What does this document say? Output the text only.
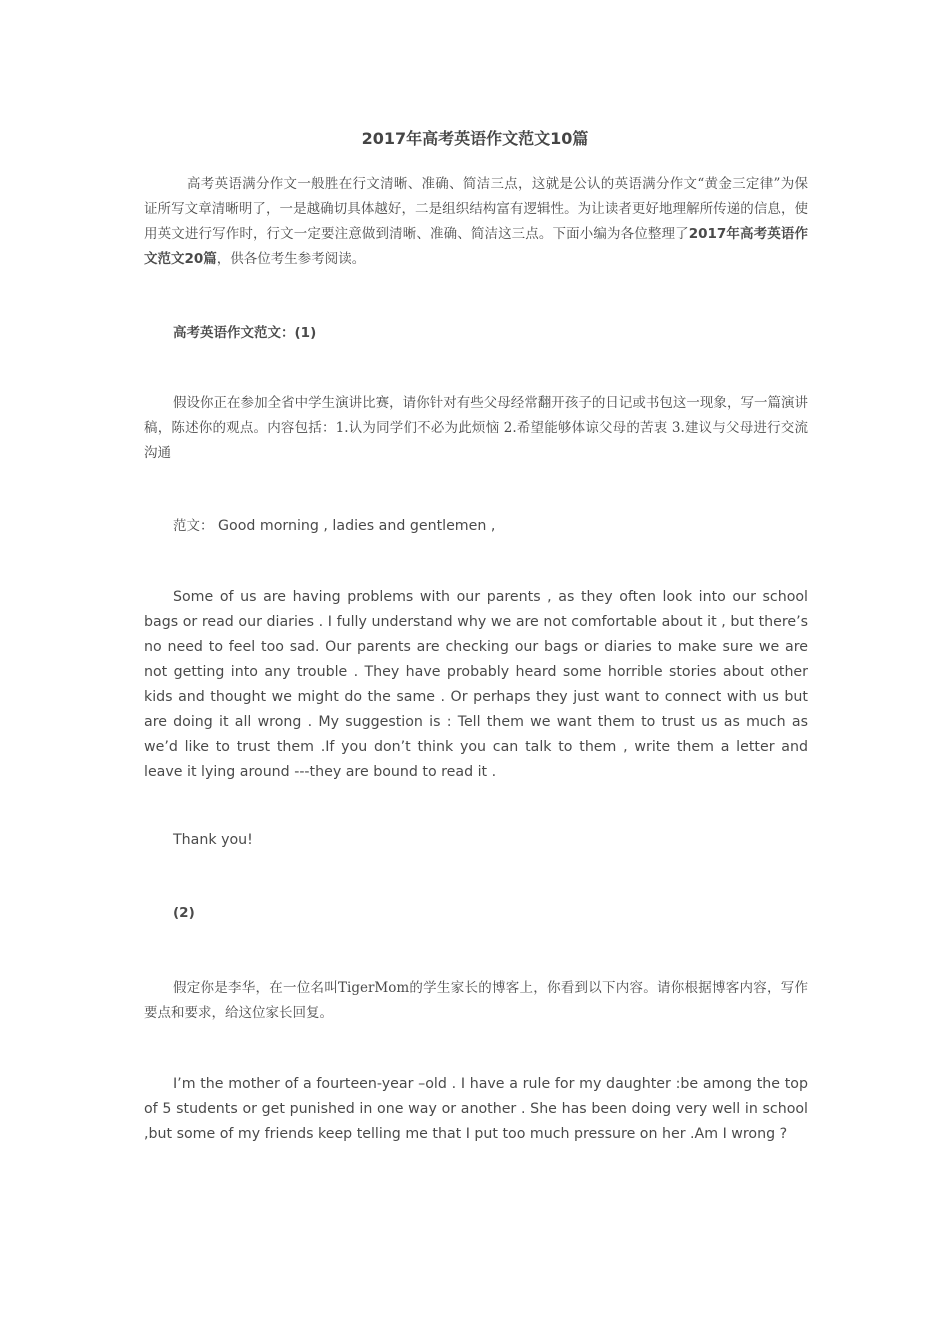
2017年高考英语作文范文10篇
高考英语满分作文一般胜在行文清晰、准确、简洁三点，这就是公认的英语满分作文“黄金三定律”为保证所写文章清晰明了，一是越确切具体越好，二是组织结构富有逻辑性。为让读者更好地理解所传递的信息，使用英文进行写作时，行文一定要注意做到清晰、准确、简洁这三点。下面小编为各位整理了2017年高考英语作文范文20篇，供各位考生参考阅读。
高考英语作文范文：(1)
假设你正在参加全省中学生演讲比赛，请你针对有些父母经常翻开孩子的日记或书包这一现象，写一篇演讲稿，陈述你的观点。内容包括：1.认为同学们不必为此烦恼 2.希望能够体谅父母的苦衷 3.建议与父母进行交流沟通
范文： Good morning , ladies and gentlemen ,
Some of us are having problems with our parents , as they often look into our school bags or read our diaries . I fully understand why we are not comfortable about it , but there’s no need to feel too sad. Our parents are checking our bags or diaries to make sure we are not getting into any trouble . They have probably heard some horrible stories about other kids and thought we might do the same . Or perhaps they just want to connect with us but are doing it all wrong . My suggestion is : Tell them we want them to trust us as much as we’d like to trust them .If you don’t think you can talk to them , write them a letter and leave it lying around ---they are bound to read it .
Thank you!
(2)
假定你是李华，在一位名叫TigerMom的学生家长的博客上，你看到以下内容。请你根据博客内容，写作要点和要求，给这位家长回复。
I’m the mother of a fourteen-year –old . I have a rule for my daughter :be among the top of 5 students or get punished in one way or another . She has been doing very well in school ,but some of my friends keep telling me that I put too much pressure on her .Am I wrong ?
